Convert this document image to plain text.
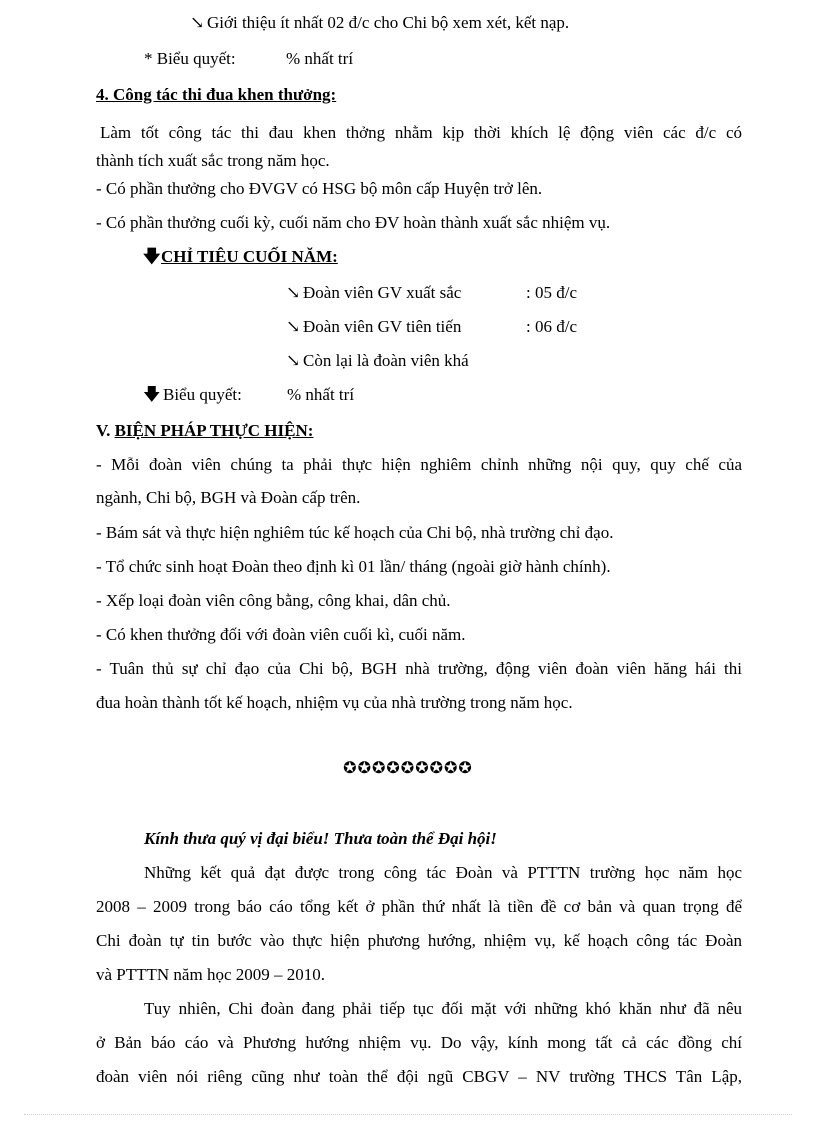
↘ Giới thiệu ít nhất 02 đ/c cho Chi bộ xem xét, kết nạp.
* Biểu quyết:	% nhất trí
4. Công tác thi đua khen thưởng:
Làm tốt công tác thi đau khen thởng nhằm kịp thời khích lệ động viên các đ/c có
thành tích xuất sắc trong năm học.
- Có phần thưởng cho ĐVGV có HSG bộ môn cấp Huyện trở lên.
- Có phần thưởng cuối kỳ, cuối năm cho ĐV hoàn thành xuất sắc nhiệm vụ.
🡇CHỈ TIÊU CUỐI NĂM:
↘ Đoàn viên GV xuất sắc	: 05 đ/c
↘ Đoàn viên GV tiên tiến	: 06 đ/c
↘ Còn lại là đoàn viên khá
🡇 Biểu quyết:	% nhất trí
V. BIỆN PHÁP THỰC HIỆN:
- Mỗi đoàn viên chúng ta phải thực hiện nghiêm chỉnh những nội quy, quy chế của
ngành, Chi bộ, BGH và Đoàn cấp trên.
- Bám sát và thực hiện nghiêm túc kế hoạch của Chi bộ, nhà trường chỉ đạo.
- Tổ chức sinh hoạt Đoàn theo định kì 01 lần/ tháng (ngoài giờ hành chính).
- Xếp loại đoàn viên công bằng, công khai, dân chủ.
- Có khen thưởng đối với đoàn viên cuối kì, cuối năm.
- Tuân thủ sự chỉ đạo của Chi bộ, BGH nhà trường, động viên đoàn viên hăng hái thi
đua hoàn thành tốt kế hoạch, nhiệm vụ của nhà trường trong năm học.
✪✪✪✪✪✪✪✪✪
Kính thưa quý vị đại biểu! Thưa toàn thể Đại hội!
Những kết quả đạt được trong công tác Đoàn và PTTTN trường học năm học
2008 – 2009 trong báo cáo tổng kết ở phần thứ nhất là tiền đề cơ bản và quan trọng để
Chi đoàn tự tin bước vào thực hiện phương hướng, nhiệm vụ, kế hoạch công tác Đoàn
và PTTTN năm học 2009 – 2010.
Tuy nhiên, Chi đoàn đang phải tiếp tục đối mặt với những khó khăn như đã nêu
ở Bản báo cáo và Phương hướng nhiệm vụ. Do vậy, kính mong tất cả các đồng chí
đoàn viên nói riêng cũng như toàn thể đội ngũ CBGV – NV trường THCS Tân Lập,
